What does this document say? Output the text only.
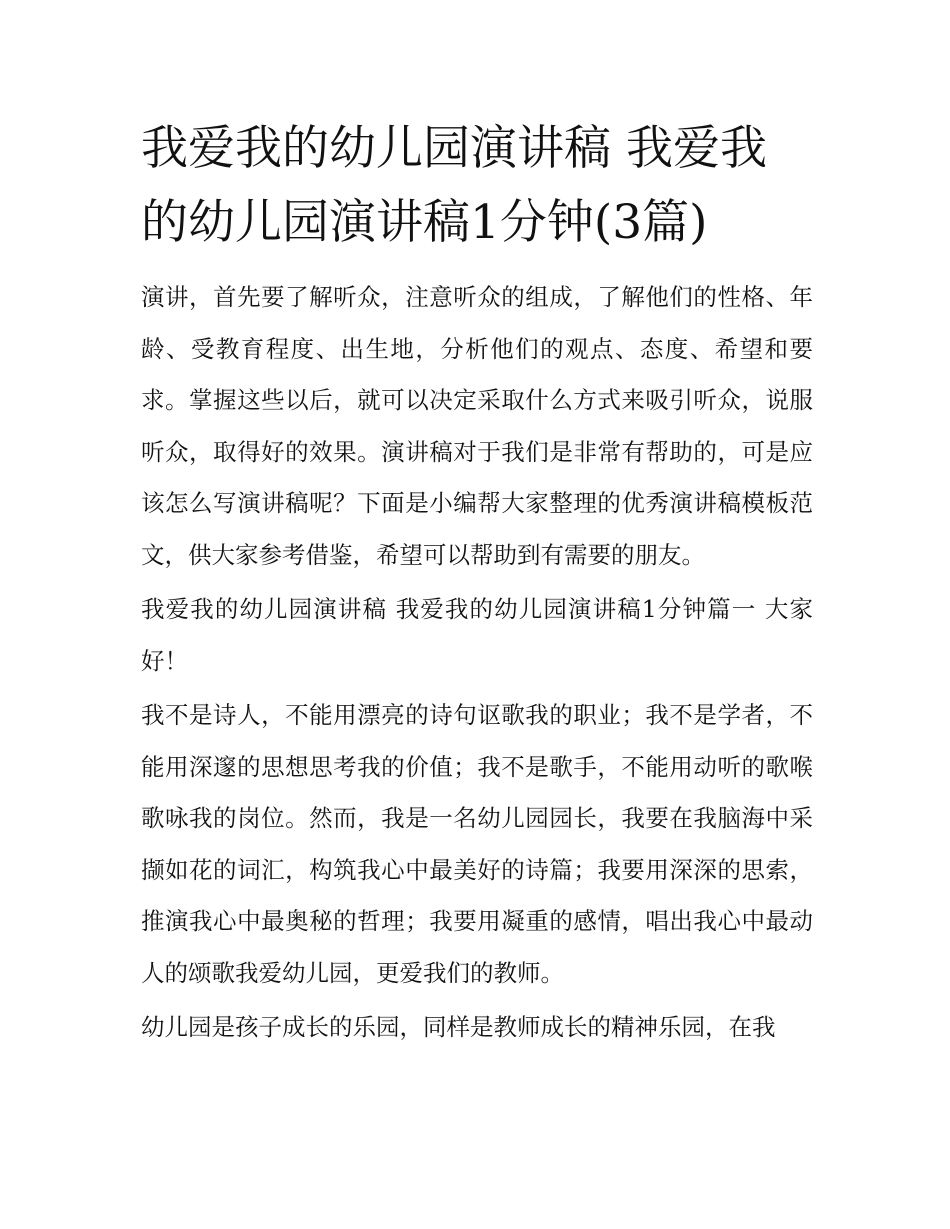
我爱我的幼儿园演讲稿 我爱我的幼儿园演讲稿1分钟(3篇)

演讲，首先要了解听众，注意听众的组成，了解他们的性格、年龄、受教育程度、出生地，分析他们的观点、态度、希望和要求。掌握这些以后，就可以决定采取什么方式来吸引听众，说服听众，取得好的效果。演讲稿对于我们是非常有帮助的，可是应该怎么写演讲稿呢？下面是小编帮大家整理的优秀演讲稿模板范文，供大家参考借鉴，希望可以帮助到有需要的朋友。

我爱我的幼儿园演讲稿 我爱我的幼儿园演讲稿1分钟篇一 大家好！

我不是诗人，不能用漂亮的诗句讴歌我的职业；我不是学者，不能用深邃的思想思考我的价值；我不是歌手，不能用动听的歌喉歌咏我的岗位。然而，我是一名幼儿园园长，我要在我脑海中采撷如花的词汇，构筑我心中最美好的诗篇；我要用深深的思索，推演我心中最奥秘的哲理；我要用凝重的感情，唱出我心中最动人的颂歌我爱幼儿园，更爱我们的教师。

幼儿园是孩子成长的乐园，同样是教师成长的精神乐园，在我
